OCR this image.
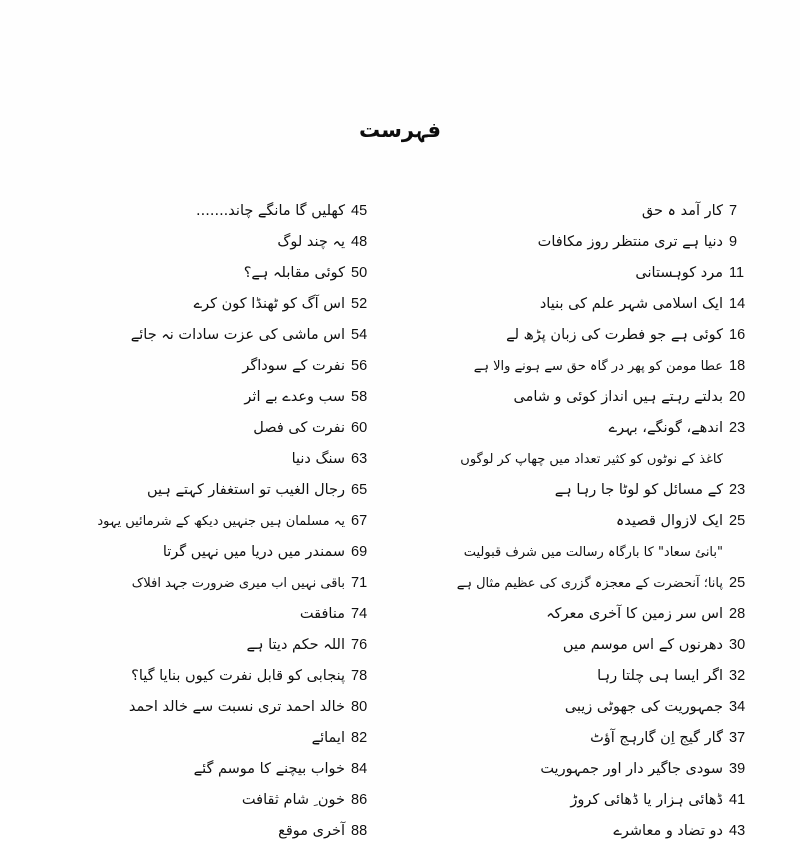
فہرست
45
کھلیں گا مانگے چاند.......
48
یہ چند لوگ
50
کوئی مقابلہ ہے؟
52
اس آگ کو ٹھنڈا کون کرے
54
اس ماشی کی عزت سادات نہ جائے
56
نفرت کے سوداگر
58
سب وعدے بے اثر
60
نفرت کی فصل
63
سنگ دنیا
65
رجال الغیب تو استغفار کہتے ہیں
67
یہ مسلمان ہیں جنہیں دیکھ کے شرمائیں یہود
69
سمندر میں دریا میں نہیں گرتا
71
باقی نہیں اب میری ضرورت جہد افلاک
74
منافقت
76
اللہ حکم دیتا ہے
78
پنجابی کو قابل نفرت کیوں بنایا گیا؟
80
خالد احمد تری نسبت سے خالد احمد
82
ایمائے
84
خواب بیچنے کا موسم گئے
86
خون ِ شام ثقافت
88
آخری موقع
7
کار آمد ہ حق
9
دنیا ہے تری منتظر روز مکافات
11
مرد کوہستانی
14
ایک اسلامی شہر علم کی بنیاد
16
کوئی ہے جو فطرت کی زبان پڑھ لے
18
عطا مومن کو پھر در گاہ حق سے ہونے والا ہے
20
بدلتے رہتے ہیں انداز کوئی و شامی
23
اندھے، گونگے، بہرے
کاغذ کے نوٹوں کو کثیر تعداد میں چھاپ کر لوگوں
23
کے مسائل کو لوٹا جا رہا ہے
25
ایک لازوال قصیدہ
"بانئ سعاد" کا بارگاہ رسالت میں شرف قبولیت
25
پانا؛ آنحضرت کے معجزہ گزری کی عظیم مثال ہے
28
اس سر زمین کا آخری معرکہ
30
دھرنوں کے اس موسم میں
32
اگر ایسا ہی چلتا رہا
34
جمہوریت کی جھوٹی زیبی
37
گار گیج اِن گارہج آؤٹ
39
سودی جاگیر دار اور جمہوریت
41
ڈھائی ہزار یا ڈھائی کروڑ
43
دو تضاد و معاشرے
